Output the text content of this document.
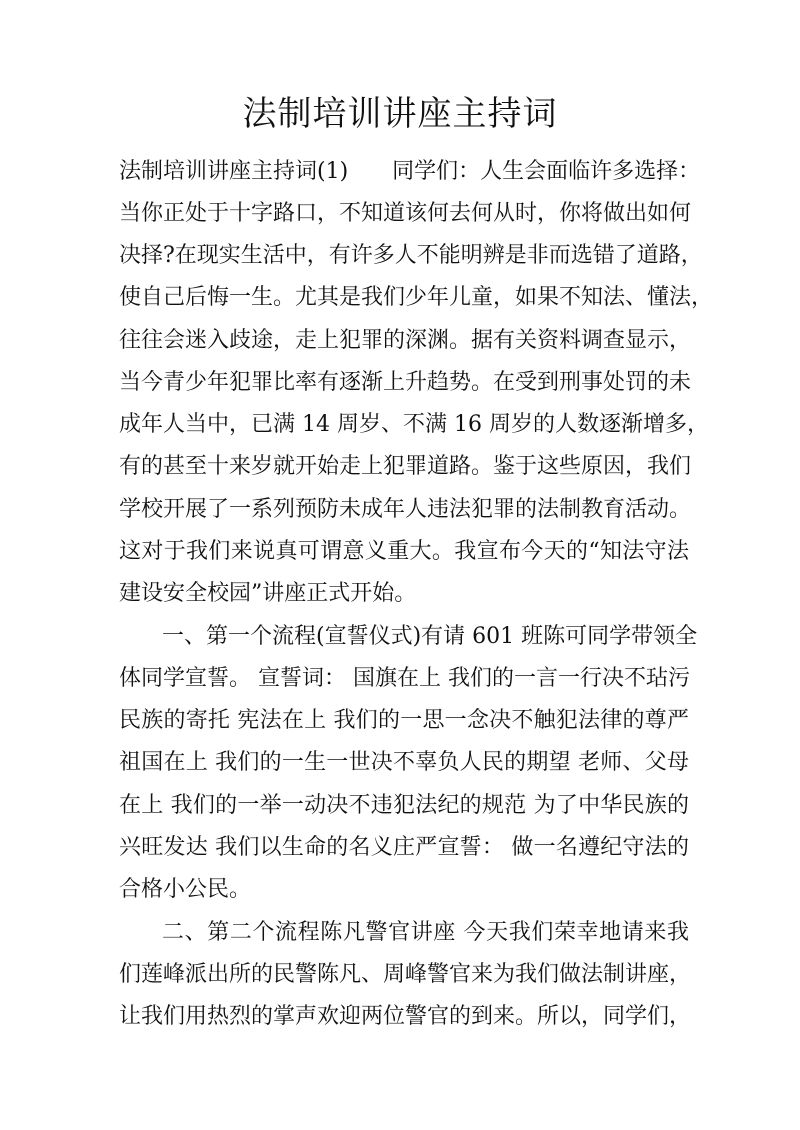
法制培训讲座主持词
法制培训讲座主持词(1)　　同学们：人生会面临许多选择：
当你正处于十字路口，不知道该何去何从时，你将做出如何
决择?在现实生活中，有许多人不能明辨是非而选错了道路，
使自己后悔一生。尤其是我们少年儿童，如果不知法、懂法，
往往会迷入歧途，走上犯罪的深渊。据有关资料调查显示，
当今青少年犯罪比率有逐渐上升趋势。在受到刑事处罚的未
成年人当中，已满 14 周岁、不满 16 周岁的人数逐渐增多，
有的甚至十来岁就开始走上犯罪道路。鉴于这些原因，我们
学校开展了一系列预防未成年人违法犯罪的法制教育活动。
这对于我们来说真可谓意义重大。我宣布今天的“知法守法
建设安全校园”讲座正式开始。
一、第一个流程(宣誓仪式)有请 601 班陈可同学带领全
体同学宣誓。 宣誓词： 国旗在上 我们的一言一行决不玷污
民族的寄托 宪法在上 我们的一思一念决不触犯法律的尊严
祖国在上 我们的一生一世决不辜负人民的期望 老师、父母
在上 我们的一举一动决不违犯法纪的规范 为了中华民族的
兴旺发达 我们以生命的名义庄严宣誓： 做一名遵纪守法的
合格小公民。
二、第二个流程陈凡警官讲座 今天我们荣幸地请来我
们莲峰派出所的民警陈凡、周峰警官来为我们做法制讲座，
让我们用热烈的掌声欢迎两位警官的到来。所以，同学们，
